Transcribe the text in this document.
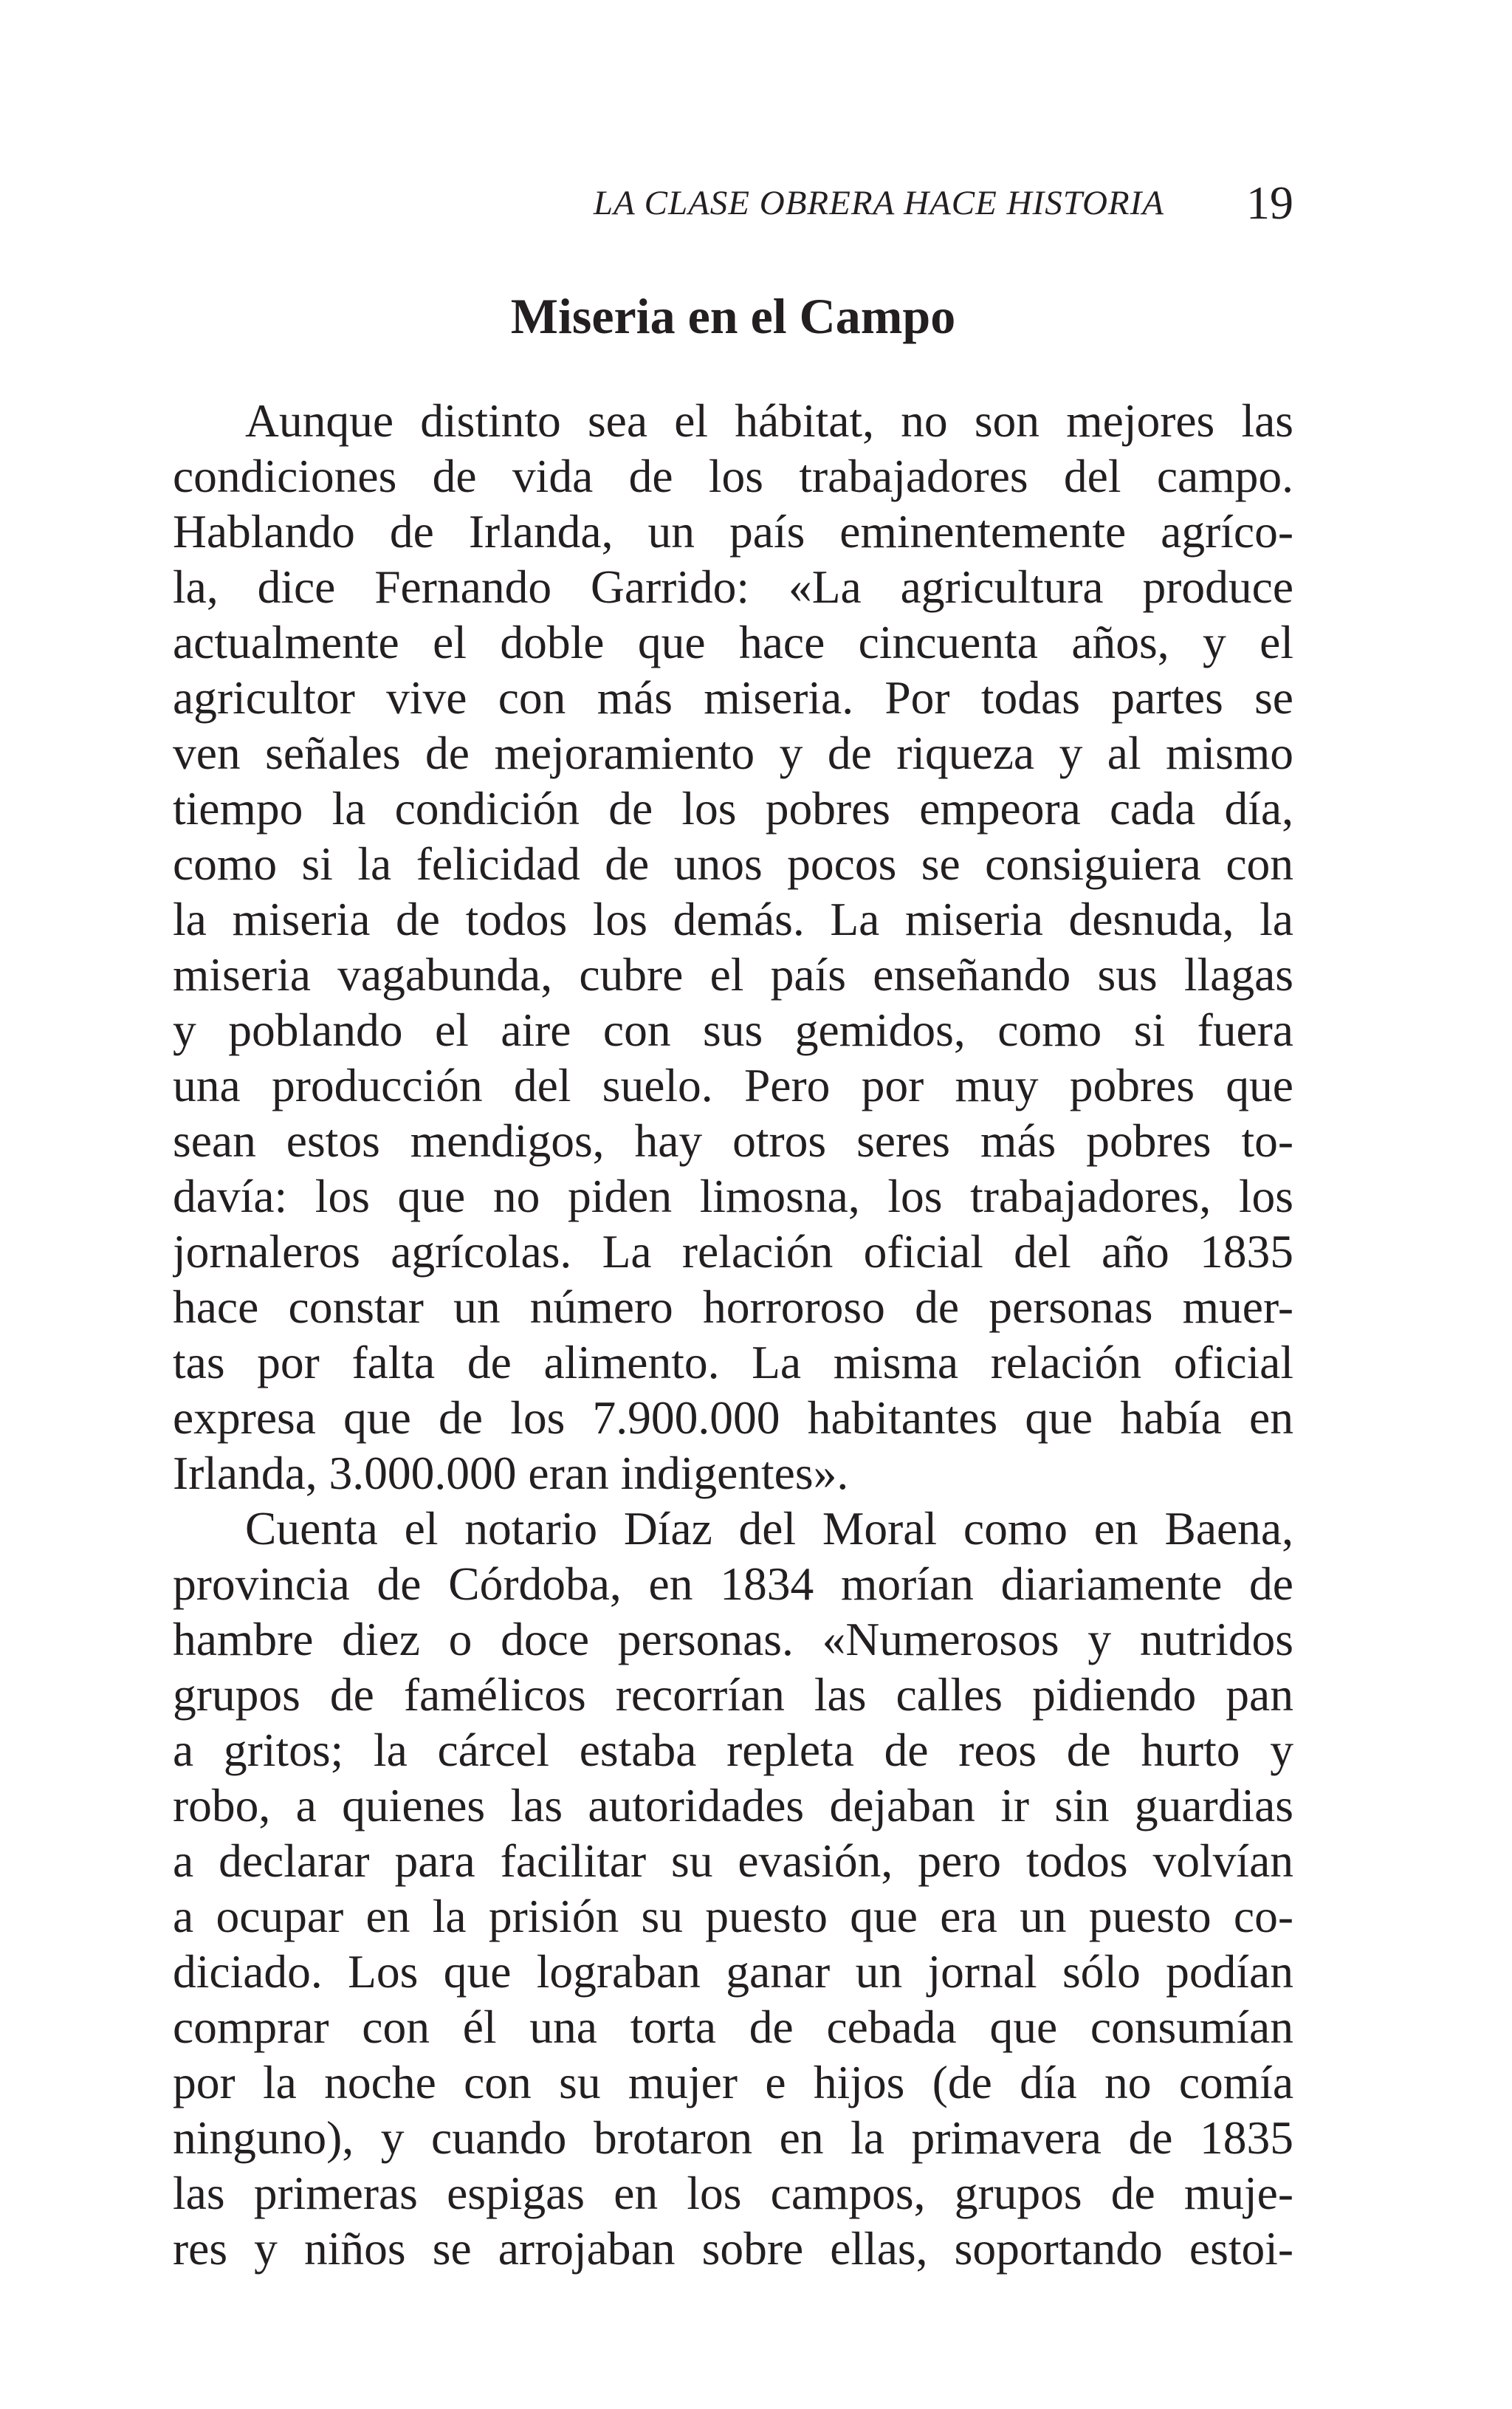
LA CLASE OBRERA HACE HISTORIA 19
Miseria en el Campo
Aunque distinto sea el hábitat, no son mejores las
condiciones de vida de los trabajadores del campo.
Hablando de Irlanda, un país eminentemente agríco-
la, dice Fernando Garrido: «La agricultura produce
actualmente el doble que hace cincuenta años, y el
agricultor vive con más miseria. Por todas partes se
ven señales de mejoramiento y de riqueza y al mismo
tiempo la condición de los pobres empeora cada día,
como si la felicidad de unos pocos se consiguiera con
la miseria de todos los demás. La miseria desnuda, la
miseria vagabunda, cubre el país enseñando sus llagas
y poblando el aire con sus gemidos, como si fuera
una producción del suelo. Pero por muy pobres que
sean estos mendigos, hay otros seres más pobres to-
davía: los que no piden limosna, los trabajadores, los
jornaleros agrícolas. La relación oficial del año 1835
hace constar un número horroroso de personas muer-
tas por falta de alimento. La misma relación oficial
expresa que de los 7.900.000 habitantes que había en
Irlanda, 3.000.000 eran indigentes».
Cuenta el notario Díaz del Moral como en Baena,
provincia de Córdoba, en 1834 morían diariamente de
hambre diez o doce personas. «Numerosos y nutridos
grupos de famélicos recorrían las calles pidiendo pan
a gritos; la cárcel estaba repleta de reos de hurto y
robo, a quienes las autoridades dejaban ir sin guardias
a declarar para facilitar su evasión, pero todos volvían
a ocupar en la prisión su puesto que era un puesto co-
diciado. Los que lograban ganar un jornal sólo podían
comprar con él una torta de cebada que consumían
por la noche con su mujer e hijos (de día no comía
ninguno), y cuando brotaron en la primavera de 1835
las primeras espigas en los campos, grupos de muje-
res y niños se arrojaban sobre ellas, soportando estoi-
